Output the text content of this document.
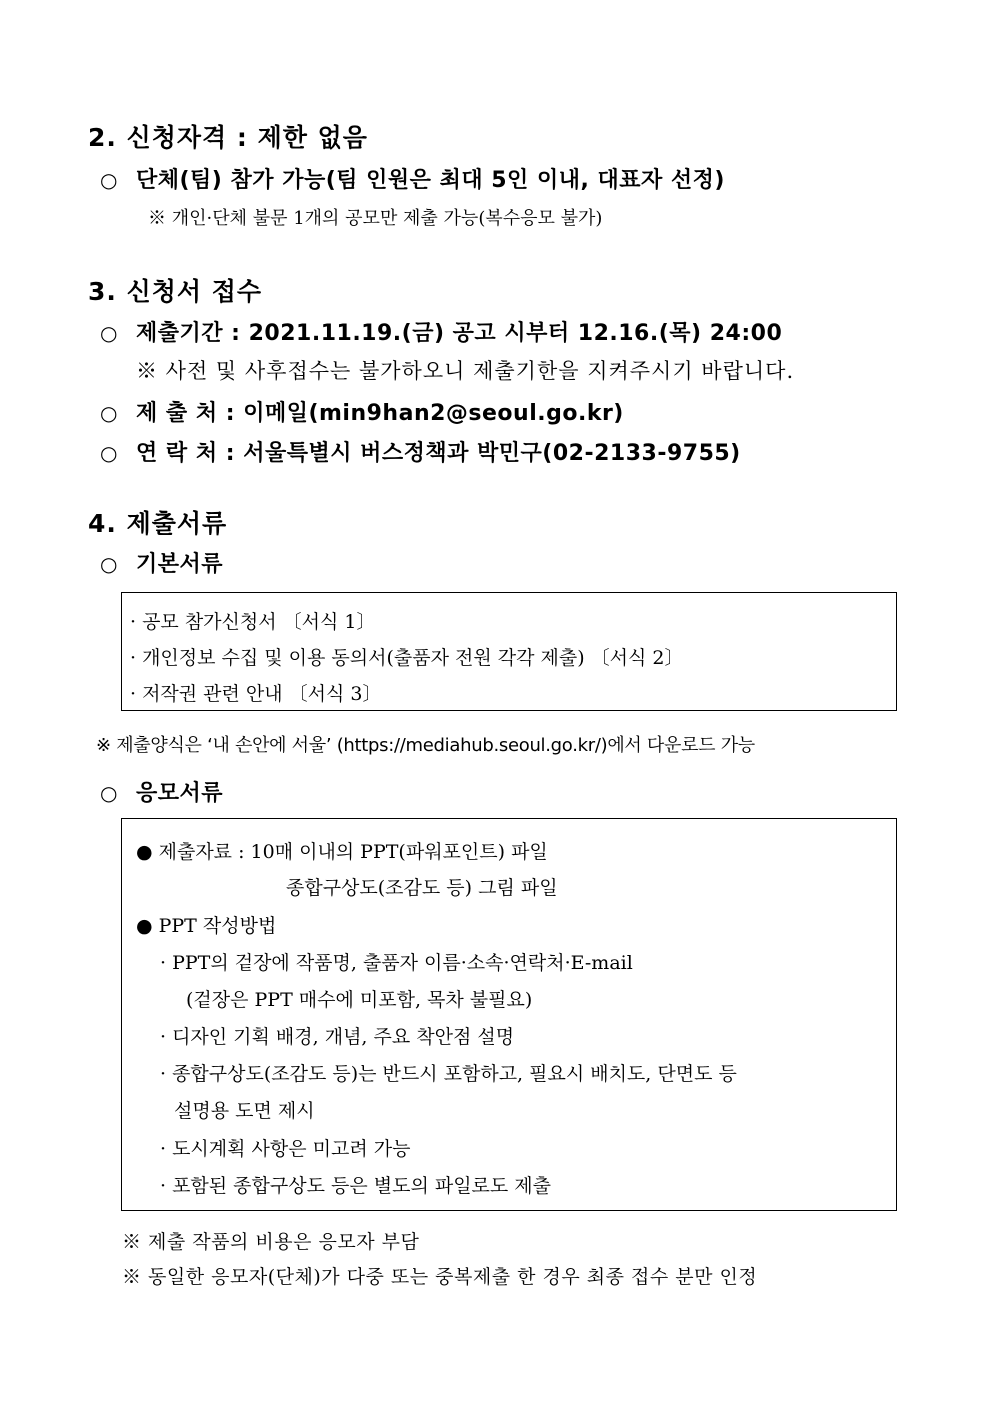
2. 신청자격 : 제한 없음
○ 단체(팀) 참가 가능(팀 인원은 최대 5인 이내, 대표자 선정)
※ 개인·단체 불문 1개의 공모만 제출 가능(복수응모 불가)
3. 신청서 접수
○ 제출기간 : 2021.11.19.(금) 공고 시부터 12.16.(목) 24:00
※ 사전 및 사후접수는 불가하오니 제출기한을 지켜주시기 바랍니다.
○ 제 출 처 : 이메일(min9han2@seoul.go.kr)
○ 연 락 처 : 서울특별시 버스정책과 박민구(02-2133-9755)
4. 제출서류
○ 기본서류
· 공모 참가신청서 〔서식 1〕
· 개인정보 수집 및 이용 동의서(출품자 전원 각각 제출) 〔서식 2〕
· 저작권 관련 안내 〔서식 3〕
※ 제출양식은 ‘내 손안에 서울’ (https://mediahub.seoul.go.kr/)에서 다운로드 가능
○ 응모서류
● 제출자료 : 10매 이내의 PPT(파워포인트) 파일
종합구상도(조감도 등) 그림 파일
● PPT 작성방법
· PPT의 겉장에 작품명, 출품자 이름·소속·연락처·E-mail
(겉장은 PPT 매수에 미포함, 목차 불필요)
· 디자인 기획 배경, 개념, 주요 착안점 설명
· 종합구상도(조감도 등)는 반드시 포함하고, 필요시 배치도, 단면도 등
설명용 도면 제시
· 도시계획 사항은 미고려 가능
· 포함된 종합구상도 등은 별도의 파일로도 제출
※ 제출 작품의 비용은 응모자 부담
※ 동일한 응모자(단체)가 다중 또는 중복제출 한 경우 최종 접수 분만 인정
